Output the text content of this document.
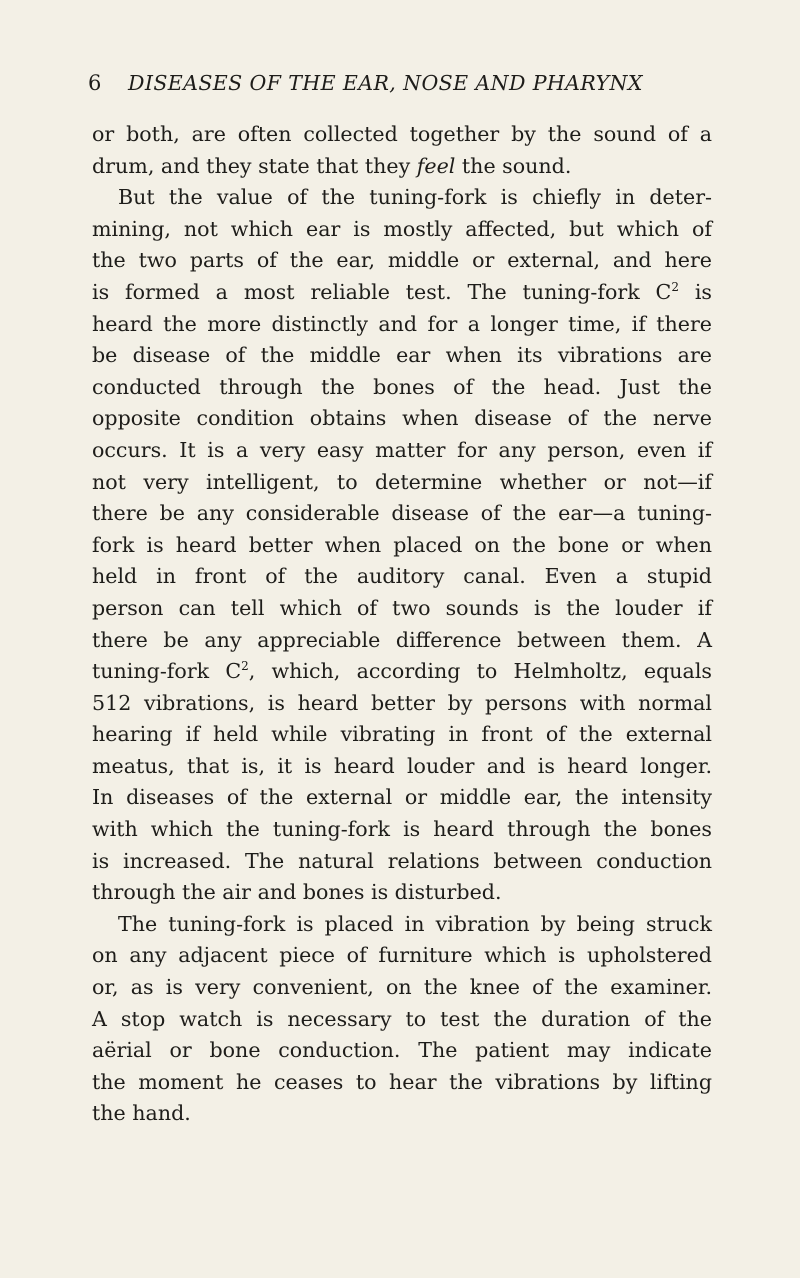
6 DISEASES OF THE EAR, NOSE AND PHARYNX
or both, are often collected together by the sound of a
drum, and they state that they feel the sound.
But the value of the tuning-fork is chiefly in deter-
mining, not which ear is mostly affected, but which of
the two parts of the ear, middle or external, and here
is formed a most reliable test. The tuning-fork $C^2$ is
heard the more distinctly and for a longer time, if there
be disease of the middle ear when its vibrations are
conducted through the bones of the head. Just the
opposite condition obtains when disease of the nerve
occurs. It is a very easy matter for any person, even if
not very intelligent, to determine whether or not—if
there be any considerable disease of the ear—a tuning-
fork is heard better when placed on the bone or when
held in front of the auditory canal. Even a stupid
person can tell which of two sounds is the louder if
there be any appreciable difference between them. A
tuning-fork $C^2$, which, according to Helmholtz, equals
512 vibrations, is heard better by persons with normal
hearing if held while vibrating in front of the external
meatus, that is, it is heard louder and is heard longer.
In diseases of the external or middle ear, the intensity
with which the tuning-fork is heard through the bones
is increased. The natural relations between conduction
through the air and bones is disturbed.
The tuning-fork is placed in vibration by being struck
on any adjacent piece of furniture which is upholstered
or, as is very convenient, on the knee of the examiner.
A stop watch is necessary to test the duration of the
aërial or bone conduction. The patient may indicate
the moment he ceases to hear the vibrations by lifting
the hand.
